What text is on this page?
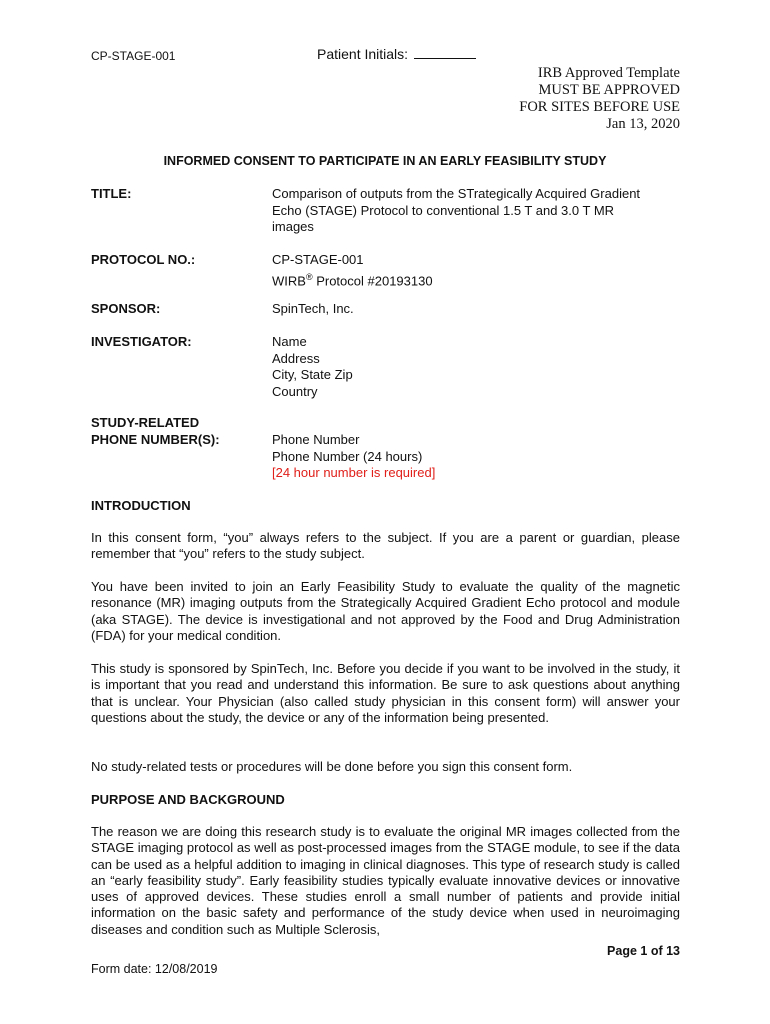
CP-STAGE-001	Patient Initials:
IRB Approved Template
MUST BE APPROVED
FOR SITES BEFORE USE
Jan 13, 2020
INFORMED CONSENT TO PARTICIPATE IN AN EARLY FEASIBILITY STUDY
TITLE:	Comparison of outputs from the STrategically Acquired Gradient
Echo (STAGE) Protocol to conventional 1.5 T and 3.0 T MR
images
PROTOCOL NO.:	CP-STAGE-001
WIRB® Protocol #20193130
SPONSOR:	SpinTech, Inc.
INVESTIGATOR:	Name
Address
City, State Zip
Country
STUDY-RELATED
PHONE NUMBER(S):	Phone Number
Phone Number (24 hours)
[24 hour number is required]
INTRODUCTION
In this consent form, “you” always refers to the subject. If you are a parent or guardian, please remember that “you” refers to the study subject.
You have been invited to join an Early Feasibility Study to evaluate the quality of the magnetic resonance (MR) imaging outputs from the Strategically Acquired Gradient Echo protocol and module (aka STAGE). The device is investigational and not approved by the Food and Drug Administration (FDA) for your medical condition.
This study is sponsored by SpinTech, Inc. Before you decide if you want to be involved in the study, it is important that you read and understand this information. Be sure to ask questions about anything that is unclear. Your Physician (also called study physician in this consent form) will answer your questions about the study, the device or any of the information being presented.
No study-related tests or procedures will be done before you sign this consent form.
PURPOSE AND BACKGROUND
The reason we are doing this research study is to evaluate the original MR images collected from the STAGE imaging protocol as well as post-processed images from the STAGE module, to see if the data can be used as a helpful addition to imaging in clinical diagnoses. This type of research study is called an “early feasibility study”. Early feasibility studies typically evaluate innovative devices or innovative uses of approved devices. These studies enroll a small number of patients and provide initial information on the basic safety and performance of the study device when used in neuroimaging diseases and condition such as Multiple Sclerosis,
Page 1 of 13
Form date: 12/08/2019
